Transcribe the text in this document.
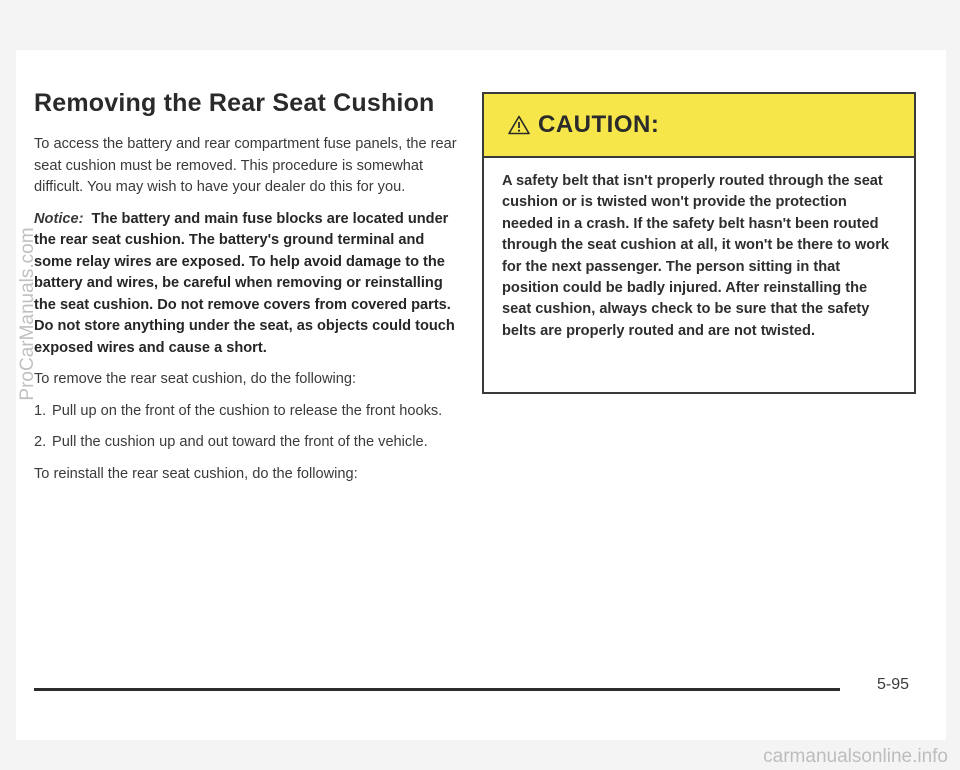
Removing the Rear Seat Cushion

To access the battery and rear compartment fuse panels, the rear seat cushion must be removed. This procedure is somewhat difficult. You may wish to have your dealer do this for you.

Notice: The battery and main fuse blocks are located under the rear seat cushion. The battery's ground terminal and some relay wires are exposed. To help avoid damage to the battery and wires, be careful when removing or reinstalling the seat cushion. Do not remove covers from covered parts. Do not store anything under the seat, as objects could touch exposed wires and cause a short.

To remove the rear seat cushion, do the following:

1. Pull up on the front of the cushion to release the front hooks.
2. Pull the cushion up and out toward the front of the vehicle.

To reinstall the rear seat cushion, do the following:

CAUTION:
A safety belt that isn't properly routed through the seat cushion or is twisted won't provide the protection needed in a crash. If the safety belt hasn't been routed through the seat cushion at all, it won't be there to work for the next passenger. The person sitting in that position could be badly injured. After reinstalling the seat cushion, always check to be sure that the safety belts are properly routed and are not twisted.
5-95
ProCarManuals.com
carmanualsonline.info
